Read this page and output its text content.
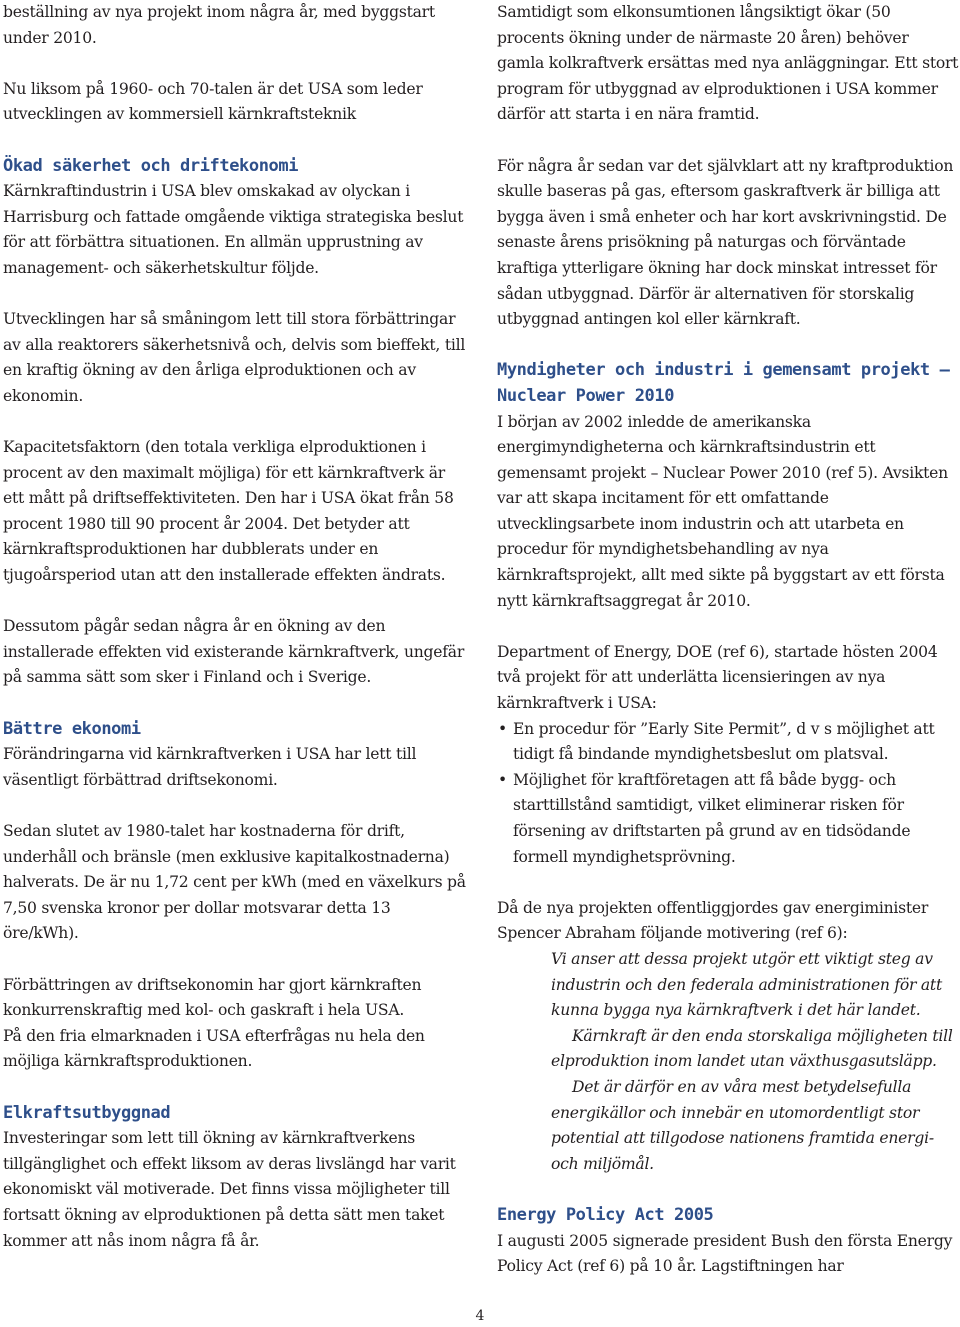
beställning av nya projekt inom några år, med byggstart under 2010.

Nu liksom på 1960- och 70-talen är det USA som leder utvecklingen av kommersiell kärnkraftsteknik

Ökad säkerhet och driftekonomi

Kärnkraftindustrin i USA blev omskakad av olyckan i Harrisburg och fattade omgående viktiga strategiska beslut för att förbättra situationen. En allmän upprustning av management- och säkerhetskultur följde.

Utvecklingen har så småningom lett till stora förbättringar av alla reaktorers säkerhetsnivå och, delvis som bieffekt, till en kraftig ökning av den årliga elproduktionen och av ekonomin.

Kapacitetsfaktorn (den totala verkliga elproduktionen i procent av den maximalt möjliga) för ett kärnkraftverk är ett mått på driftseffektiviteten. Den har i USA ökat från 58 procent 1980 till 90 procent år 2004. Det betyder att kärnkraftsproduktionen har dubblerats under en tjugoårsperiod utan att den installerade effekten ändrats.

Dessutom pågår sedan några år en ökning av den installerade effekten vid existerande kärnkraftverk, ungefär på samma sätt som sker i Finland och i Sverige.

Bättre ekonomi

Förändringarna vid kärnkraftverken i USA har lett till väsentligt förbättrad driftsekonomi.

Sedan slutet av 1980-talet har kostnaderna för drift, underhåll och bränsle (men exklusive kapitalkostnaderna) halverats. De är nu 1,72 cent per kWh (med en växelkurs på 7,50 svenska kronor per dollar motsvarar detta 13 öre/kWh).

Förbättringen av driftsekonomin har gjort kärnkraften konkurrenskraftig med kol- och gaskraft i hela USA.

På den fria elmarknaden i USA efterfrågas nu hela den möjliga kärnkraftsproduktionen.

Elkraftsutbyggnad

Investeringar som lett till ökning av kärnkraftverkens tillgänglighet och effekt liksom av deras livslängd har varit ekonomiskt väl motiverade. Det finns vissa möjligheter till fortsatt ökning av elproduktionen på detta sätt men taket kommer att nås inom några få år.

Samtidigt som elkonsumtionen långsiktigt ökar (50 procents ökning under de närmaste 20 åren) behöver gamla kolkraftverk ersättas med nya anläggningar. Ett stort program för utbyggnad av elproduktionen i USA kommer därför att starta i en nära framtid.

För några år sedan var det självklart att ny kraftproduktion skulle baseras på gas, eftersom gaskraftverk är billiga att bygga även i små enheter och har kort avskrivningstid. De senaste årens prisökning på naturgas och förväntade kraftiga ytterligare ökning har dock minskat intresset för sådan utbyggnad. Därför är alternativen för storskalig utbyggnad antingen kol eller kärnkraft.

Myndigheter och industri i gemensamt projekt – Nuclear Power 2010

I början av 2002 inledde de amerikanska energimyndigheterna och kärnkraftsindustrin ett gemensamt projekt – Nuclear Power 2010 (ref 5). Avsikten var att skapa incitament för ett omfattande utvecklingsarbete inom industrin och att utarbeta en procedur för myndighetsbehandling av nya kärnkraftsprojekt, allt med sikte på byggstart av ett första nytt kärnkraftsaggregat år 2010.

Department of Energy, DOE (ref 6), startade hösten 2004 två projekt för att underlätta licensieringen av nya kärnkraftverk i USA:

• En procedur för ”Early Site Permit”, d v s möjlighet att tidigt få bindande myndighetsbeslut om platsval.
• Möjlighet för kraftföretagen att få både bygg- och starttillstånd samtidigt, vilket eliminerar risken för försening av driftstarten på grund av en tidsödande formell myndighetsprövning.

Då de nya projekten offentliggjordes gav energiminister Spencer Abraham följande motivering (ref 6):

Vi anser att dessa projekt utgör ett viktigt steg av industrin och den federala administrationen för att kunna bygga nya kärnkraftverk i det här landet.

Kärnkraft är den enda storskaliga möjligheten till elproduktion inom landet utan växthusgasutsläpp.

Det är därför en av våra mest betydelsefulla energikällor och innebär en utomordentligt stor potential att tillgodose nationens framtida energi- och miljömål.

Energy Policy Act 2005

I augusti 2005 signerade president Bush den första Energy Policy Act (ref 6) på 10 år. Lagstiftningen har

4
